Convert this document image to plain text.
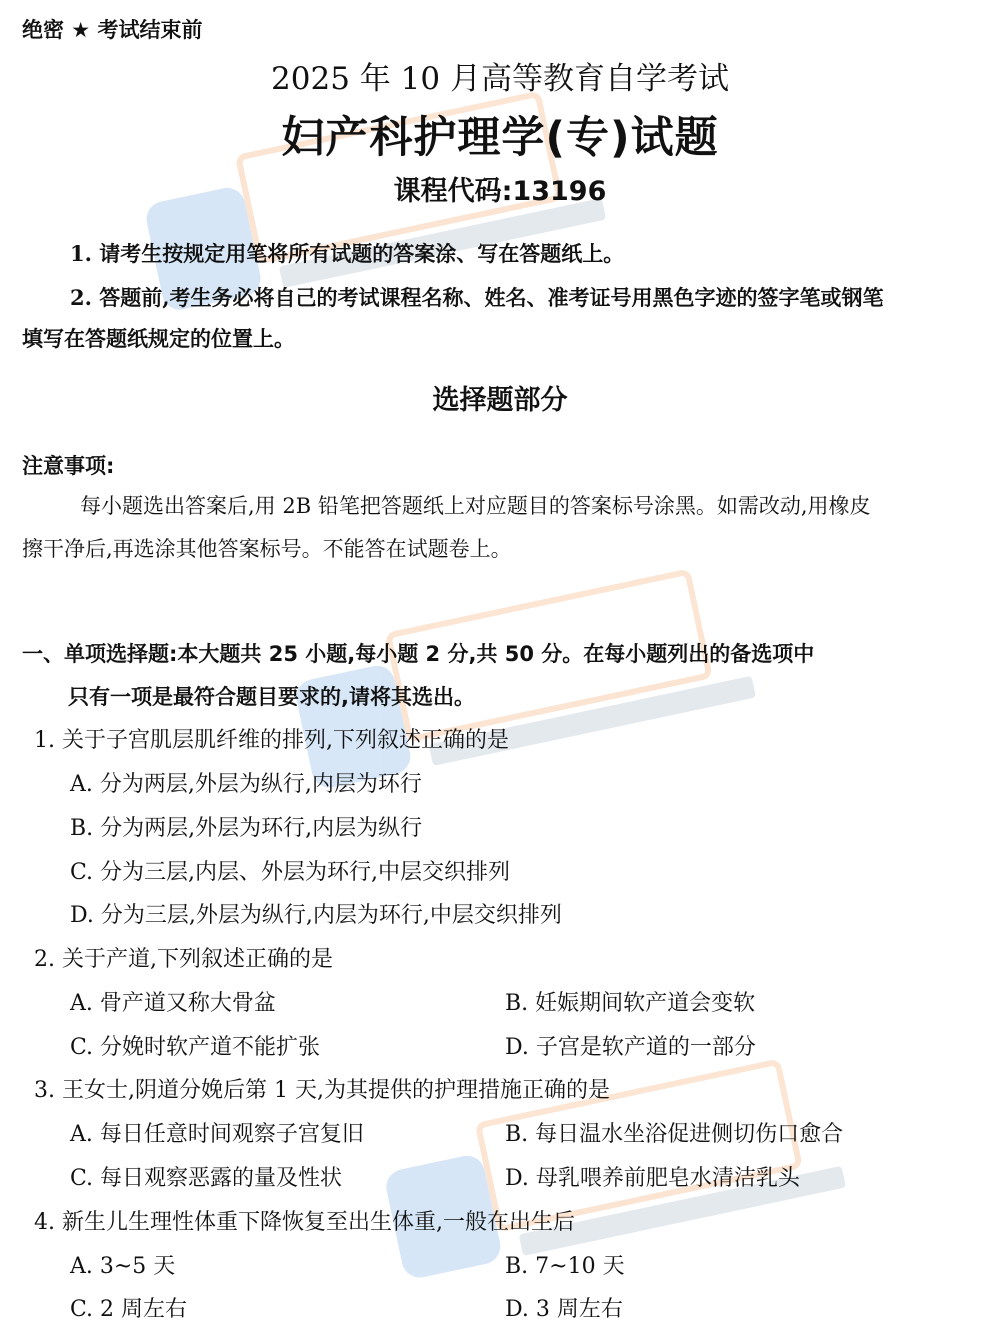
绝密 ★ 考试结束前
2025 年 10 月高等教育自学考试
妇产科护理学(专)试题
课程代码:13196
1. 请考生按规定用笔将所有试题的答案涂、写在答题纸上。
2. 答题前,考生务必将自己的考试课程名称、姓名、准考证号用黑色字迹的签字笔或钢笔
填写在答题纸规定的位置上。
选择题部分
注意事项:
每小题选出答案后,用 2B 铅笔把答题纸上对应题目的答案标号涂黑。如需改动,用橡皮
擦干净后,再选涂其他答案标号。不能答在试题卷上。
一、单项选择题:本大题共 25 小题,每小题 2 分,共 50 分。在每小题列出的备选项中
只有一项是最符合题目要求的,请将其选出。
1. 关于子宫肌层肌纤维的排列,下列叙述正确的是
A. 分为两层,外层为纵行,内层为环行
B. 分为两层,外层为环行,内层为纵行
C. 分为三层,内层、外层为环行,中层交织排列
D. 分为三层,外层为纵行,内层为环行,中层交织排列
2. 关于产道,下列叙述正确的是
A. 骨产道又称大骨盆	B. 妊娠期间软产道会变软
C. 分娩时软产道不能扩张	D. 子宫是软产道的一部分
3. 王女士,阴道分娩后第 1 天,为其提供的护理措施正确的是
A. 每日任意时间观察子宫复旧	B. 每日温水坐浴促进侧切伤口愈合
C. 每日观察恶露的量及性状	D. 母乳喂养前肥皂水清洁乳头
4. 新生儿生理性体重下降恢复至出生体重,一般在出生后
A. 3~5 天	B. 7~10 天
C. 2 周左右	D. 3 周左右
